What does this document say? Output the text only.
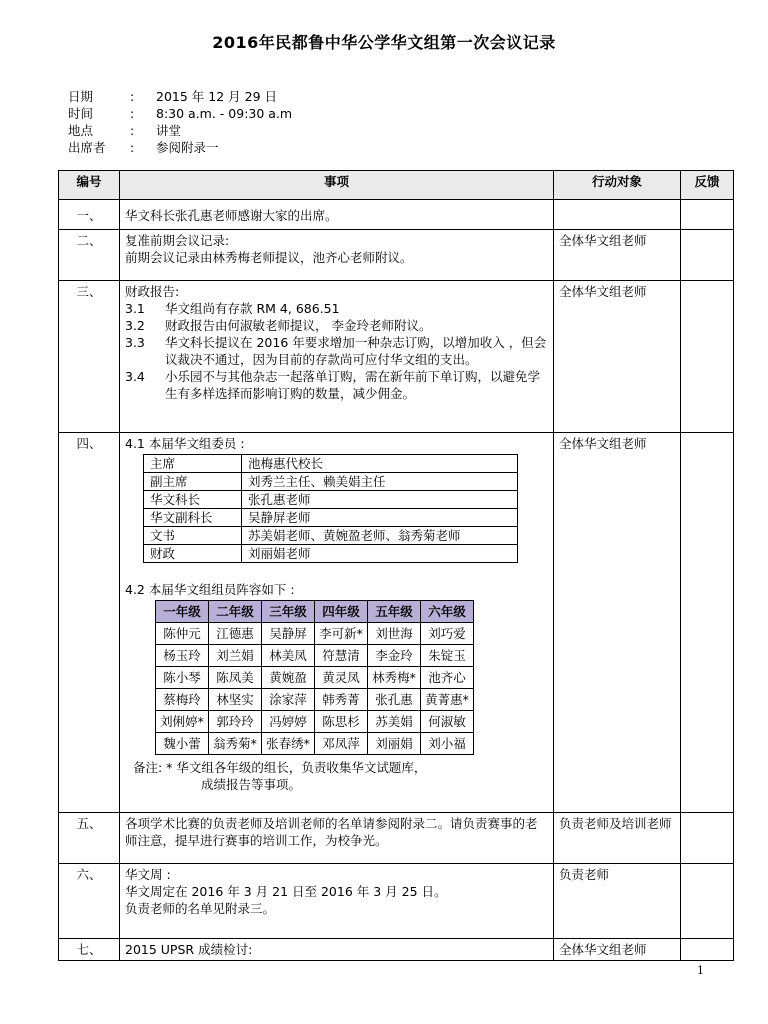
2016年民都鲁中华公学华文组第一次会议记录
日期	:	2015 年 12 月 29 日
时间	:	8:30 a.m. - 09:30 a.m
地点	:	讲堂
出席者	:	参阅附录一
编号	事项	行动对象	反馈
一、	华文科长张孔惠老师感谢大家的出席。		
二、	复准前期会议记录:
前期会议记录由林秀梅老师提议，池齐心老师附议。
	全体华文组老师	
三、	财政报告:
3.1	华文组尚有存款 RM 4, 686.51
3.2	财政报告由何淑敏老师提议， 李金玲老师附议。
3.3	华文科长提议在 2016 年要求增加一种杂志订购，以增加收入 ，但会议裁决不通过，因为目前的存款尚可应付华文组的支出。
3.4	小乐园不与其他杂志一起落单订购，需在新年前下单订购，以避免学生有多样选择而影响订购的数量，减少佣金。
	全体华文组老师	
四、	4.1 本届华文组委员 :
主席	池梅惠代校长
副主席	刘秀兰主任、赖美娟主任
华文科长	张孔惠老师
华文副科长	吴静屏老师
文书	苏美娟老师、黄婉盈老师、翁秀菊老师
财政	刘丽娟老师
4.2 本届华文组组员阵容如下 :
一年级	二年级	三年级	四年级	五年级	六年级
陈仲元	江德惠	吴静屏	李可新*	刘世海	刘巧爱
杨玉玲	刘兰娟	林美凤	符慧清	李金玲	朱锭玉
陈小琴	陈凤美	黄婉盈	黄灵凤	林秀梅*	池齐心
蔡梅玲	林坚实	涂家萍	韩秀菁	张孔惠	黄菁惠*
刘俐婷*	郭玲玲	冯婷婷	陈思杉	苏美娟	何淑敏
魏小蕾	翁秀菊*	张春绣*	邓凤萍	刘丽娟	刘小福
备注: * 华文组各年级的组长，负责收集华文试题库，
成绩报告等事项。
	全体华文组老师	
五、	各项学术比赛的负责老师及培训老师的名单请参阅附录二。请负责赛事的老师注意，提早进行赛事的培训工作，为校争光。	负责老师及培训老师	
六、	华文周 :
华文周定在 2016 年 3 月 21 日至 2016 年 3 月 25 日。
负责老师的名单见附录三。
	负责老师	
七、	2015 UPSR 成绩检讨:	全体华文组老师	
1
